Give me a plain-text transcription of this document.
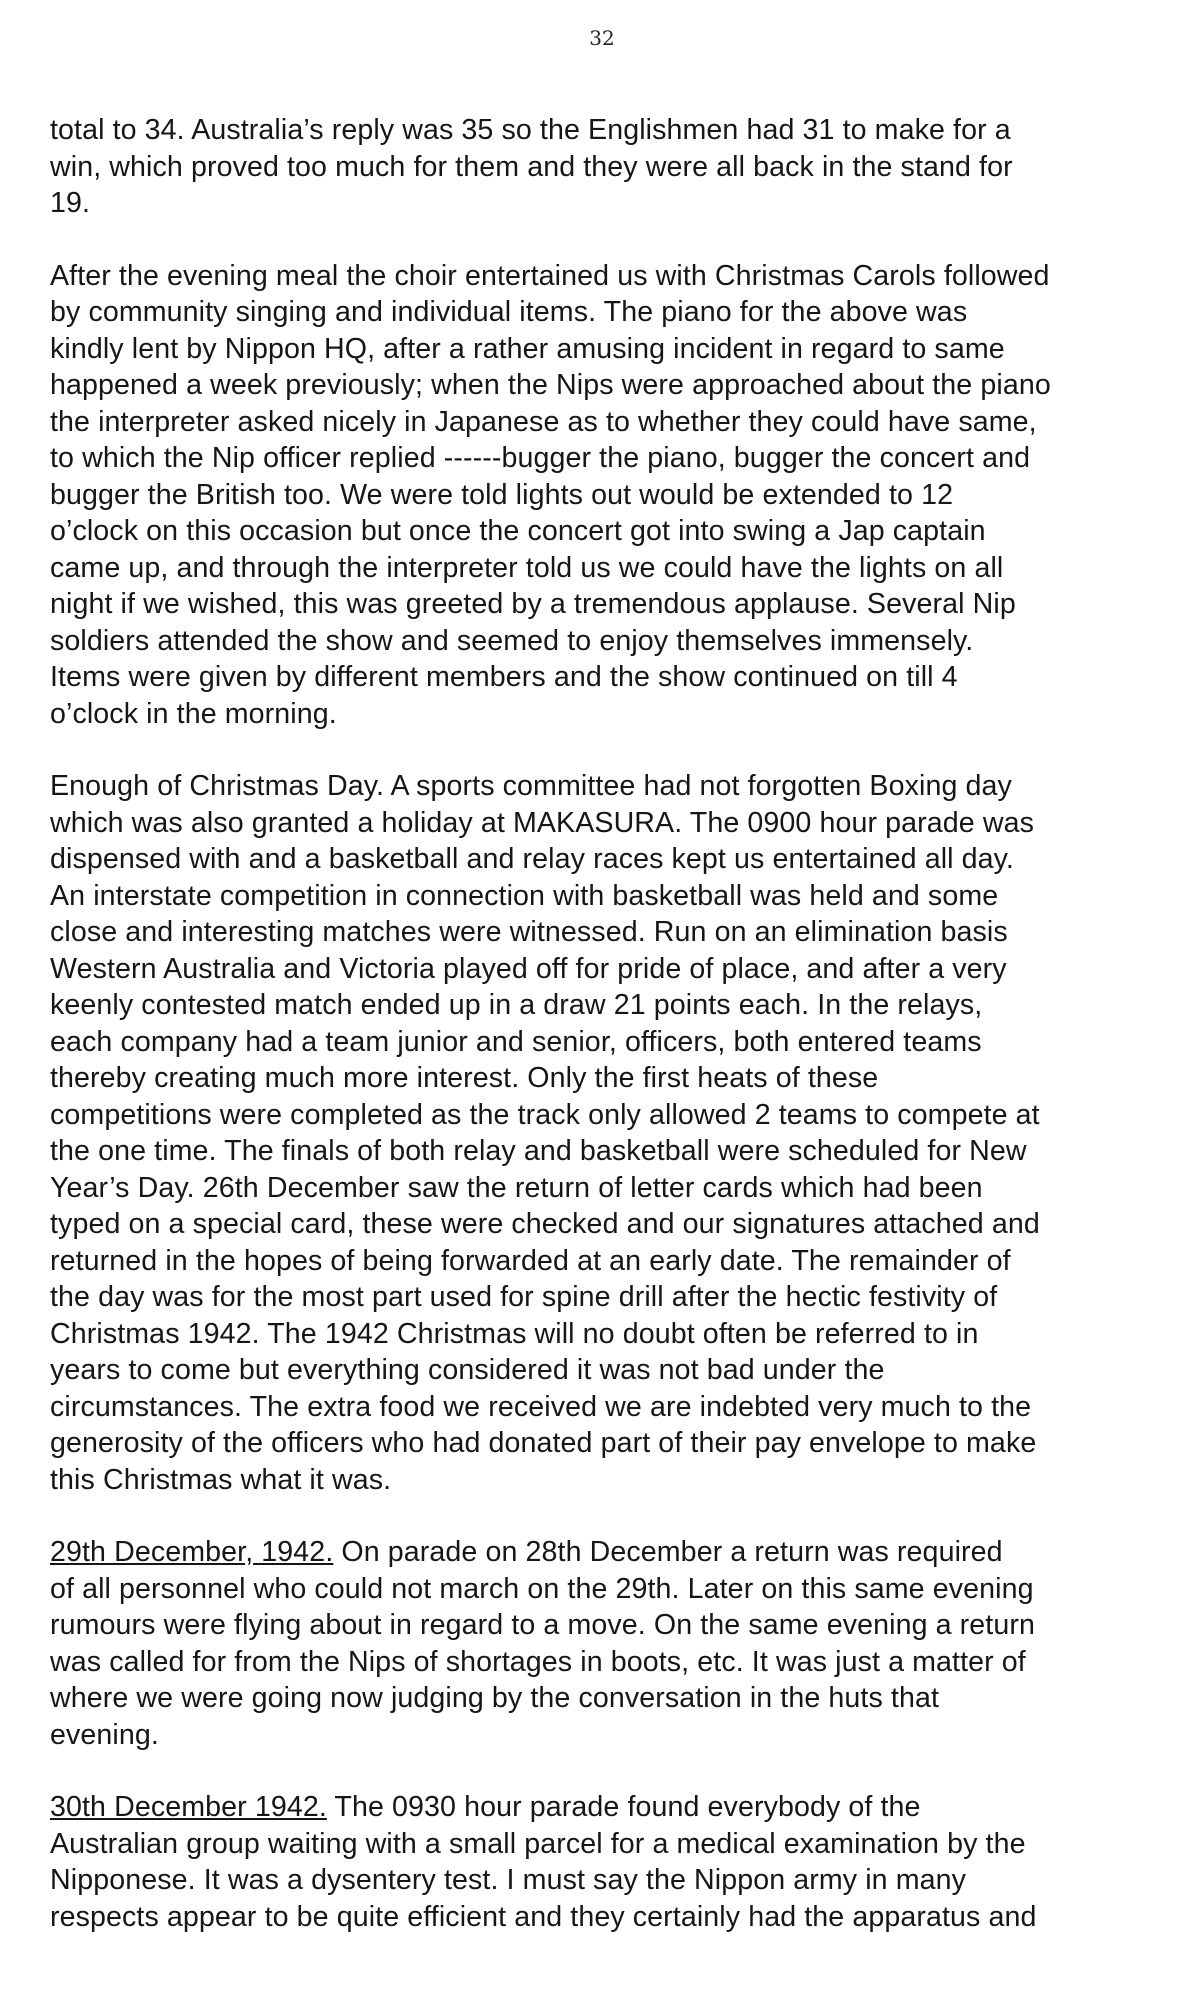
32

total to 34. Australia’s reply was 35 so the Englishmen had 31 to make for a
win, which proved too much for them and they were all back in the stand for
19.

After the evening meal the choir entertained us with Christmas Carols followed
by community singing and individual items. The piano for the above was
kindly lent by Nippon HQ, after a rather amusing incident in regard to same
happened a week previously; when the Nips were approached about the piano
the interpreter asked nicely in Japanese as to whether they could have same,
to which the Nip officer replied ------bugger the piano, bugger the concert and
bugger the British too. We were told lights out would be extended to 12
o’clock on this occasion but once the concert got into swing a Jap captain
came up, and through the interpreter told us we could have the lights on all
night if we wished, this was greeted by a tremendous applause. Several Nip
soldiers attended the show and seemed to enjoy themselves immensely.
Items were given by different members and the show continued on till 4
o’clock in the morning.

Enough of Christmas Day. A sports committee had not forgotten Boxing day
which was also granted a holiday at MAKASURA. The 0900 hour parade was
dispensed with and a basketball and relay races kept us entertained all day.
An interstate competition in connection with basketball was held and some
close and interesting matches were witnessed. Run on an elimination basis
Western Australia and Victoria played off for pride of place, and after a very
keenly contested match ended up in a draw 21 points each. In the relays,
each company had a team junior and senior, officers, both entered teams
thereby creating much more interest. Only the first heats of these
competitions were completed as the track only allowed 2 teams to compete at
the one time. The finals of both relay and basketball were scheduled for New
Year’s Day. 26th December saw the return of letter cards which had been
typed on a special card, these were checked and our signatures attached and
returned in the hopes of being forwarded at an early date. The remainder of
the day was for the most part used for spine drill after the hectic festivity of
Christmas 1942. The 1942 Christmas will no doubt often be referred to in
years to come but everything considered it was not bad under the
circumstances. The extra food we received we are indebted very much to the
generosity of the officers who had donated part of their pay envelope to make
this Christmas what it was.

29th December, 1942. On parade on 28th December a return was required
of all personnel who could not march on the 29th. Later on this same evening
rumours were flying about in regard to a move. On the same evening a return
was called for from the Nips of shortages in boots, etc. It was just a matter of
where we were going now judging by the conversation in the huts that
evening.

30th December 1942. The 0930 hour parade found everybody of the
Australian group waiting with a small parcel for a medical examination by the
Nipponese. It was a dysentery test. I must say the Nippon army in many
respects appear to be quite efficient and they certainly had the apparatus and
